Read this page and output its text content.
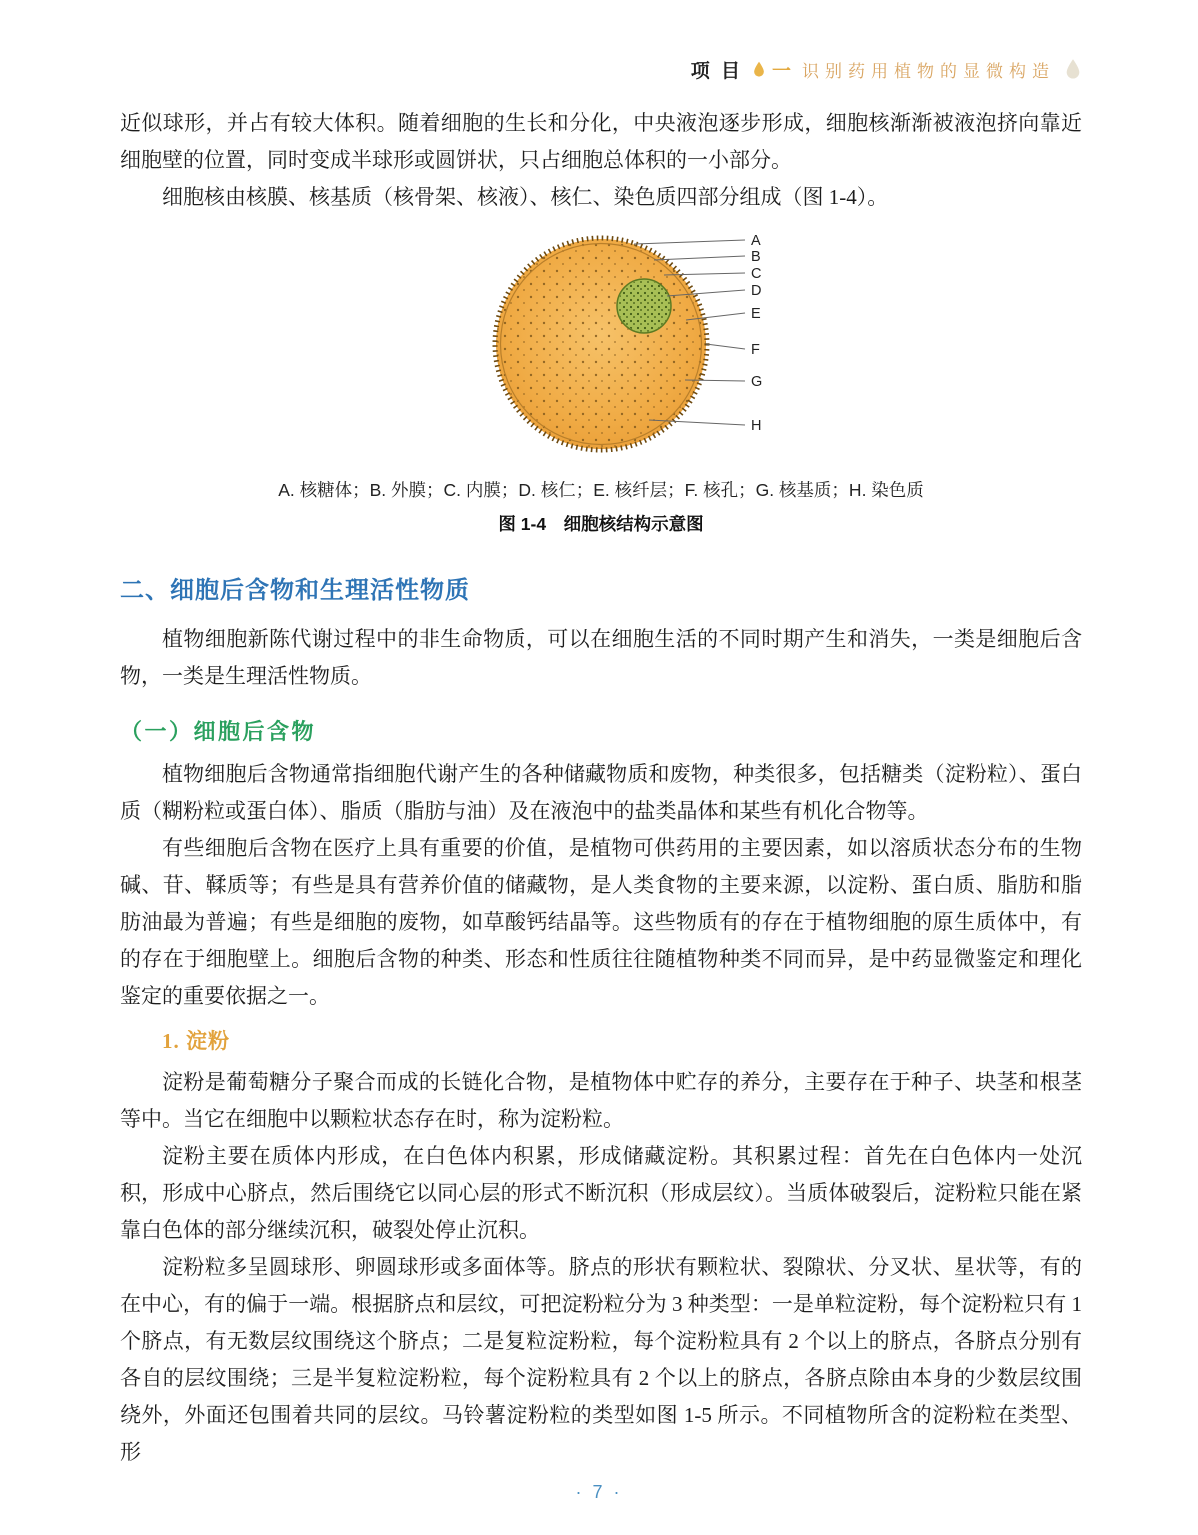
项 目 一 识别药用植物的显微构造

近似球形，并占有较大体积。随着细胞的生长和分化，中央液泡逐步形成，细胞核渐渐被液泡挤向靠近细胞壁的位置，同时变成半球形或圆饼状，只占细胞总体积的一小部分。

细胞核由核膜、核基质（核骨架、核液）、核仁、染色质四部分组成（图 1-4）。

A
B
C
D
E
F
G
H
A. 核糖体；B. 外膜；C. 内膜；D. 核仁；E. 核纤层；F. 核孔；G. 核基质；H. 染色质
图 1-4　细胞核结构示意图
二、细胞后含物和生理活性物质

植物细胞新陈代谢过程中的非生命物质，可以在细胞生活的不同时期产生和消失，一类是细胞后含物，一类是生理活性物质。

（一）细胞后含物

植物细胞后含物通常指细胞代谢产生的各种储藏物质和废物，种类很多，包括糖类（淀粉粒）、蛋白质（糊粉粒或蛋白体）、脂质（脂肪与油）及在液泡中的盐类晶体和某些有机化合物等。

有些细胞后含物在医疗上具有重要的价值，是植物可供药用的主要因素，如以溶质状态分布的生物碱、苷、鞣质等；有些是具有营养价值的储藏物，是人类食物的主要来源，以淀粉、蛋白质、脂肪和脂肪油最为普遍；有些是细胞的废物，如草酸钙结晶等。这些物质有的存在于植物细胞的原生质体中，有的存在于细胞壁上。细胞后含物的种类、形态和性质往往随植物种类不同而异，是中药显微鉴定和理化鉴定的重要依据之一。

1. 淀粉

淀粉是葡萄糖分子聚合而成的长链化合物，是植物体中贮存的养分，主要存在于种子、块茎和根茎等中。当它在细胞中以颗粒状态存在时，称为淀粉粒。

淀粉主要在质体内形成，在白色体内积累，形成储藏淀粉。其积累过程：首先在白色体内一处沉积，形成中心脐点，然后围绕它以同心层的形式不断沉积（形成层纹）。当质体破裂后，淀粉粒只能在紧靠白色体的部分继续沉积，破裂处停止沉积。

淀粉粒多呈圆球形、卵圆球形或多面体等。脐点的形状有颗粒状、裂隙状、分叉状、星状等，有的在中心，有的偏于一端。根据脐点和层纹，可把淀粉粒分为 3 种类型：一是单粒淀粉，每个淀粉粒只有 1 个脐点，有无数层纹围绕这个脐点；二是复粒淀粉粒，每个淀粉粒具有 2 个以上的脐点，各脐点分别有各自的层纹围绕；三是半复粒淀粉粒，每个淀粉粒具有 2 个以上的脐点，各脐点除由本身的少数层纹围绕外，外面还包围着共同的层纹。马铃薯淀粉粒的类型如图 1-5 所示。不同植物所含的淀粉粒在类型、形

· 7 ·
